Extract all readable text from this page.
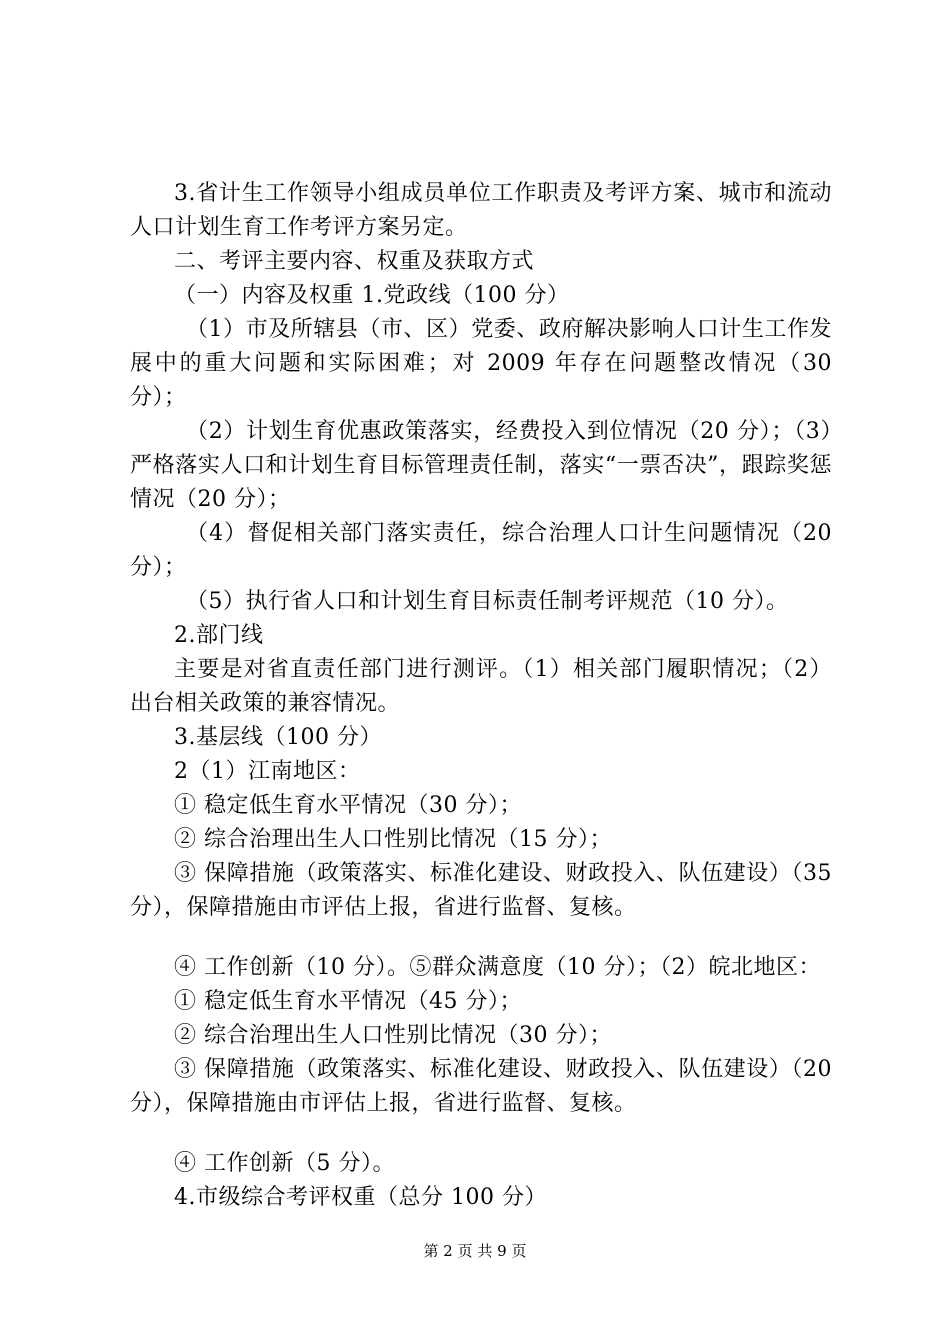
3.省计生工作领导小组成员单位工作职责及考评方案、城市和流动人口计划生育工作考评方案另定。

二、考评主要内容、权重及获取方式

（一）内容及权重 1.党政线（100 分）

（1）市及所辖县（市、区）党委、政府解决影响人口计生工作发展中的重大问题和实际困难；对 2009 年存在问题整改情况（30 分）；

（2）计划生育优惠政策落实，经费投入到位情况（20 分）；（3）严格落实人口和计划生育目标管理责任制，落实“一票否决”，跟踪奖惩情况（20 分）；

（4）督促相关部门落实责任，综合治理人口计生问题情况（20 分）；

（5）执行省人口和计划生育目标责任制考评规范（10 分）。

2.部门线

主要是对省直责任部门进行测评。（1）相关部门履职情况；（2）出台相关政策的兼容情况。

3.基层线（100 分）

2（1）江南地区：

① 稳定低生育水平情况（30 分）；

② 综合治理出生人口性别比情况（15 分）；

③ 保障措施（政策落实、标准化建设、财政投入、队伍建设）（35 分），保障措施由市评估上报，省进行监督、复核。

④ 工作创新（10 分）。⑤群众满意度（10 分）；（2）皖北地区：

① 稳定低生育水平情况（45 分）；

② 综合治理出生人口性别比情况（30 分）；

③ 保障措施（政策落实、标准化建设、财政投入、队伍建设）（20 分），保障措施由市评估上报，省进行监督、复核。

④ 工作创新（5 分）。

4.市级综合考评权重（总分 100 分）

第 2 页 共 9 页
